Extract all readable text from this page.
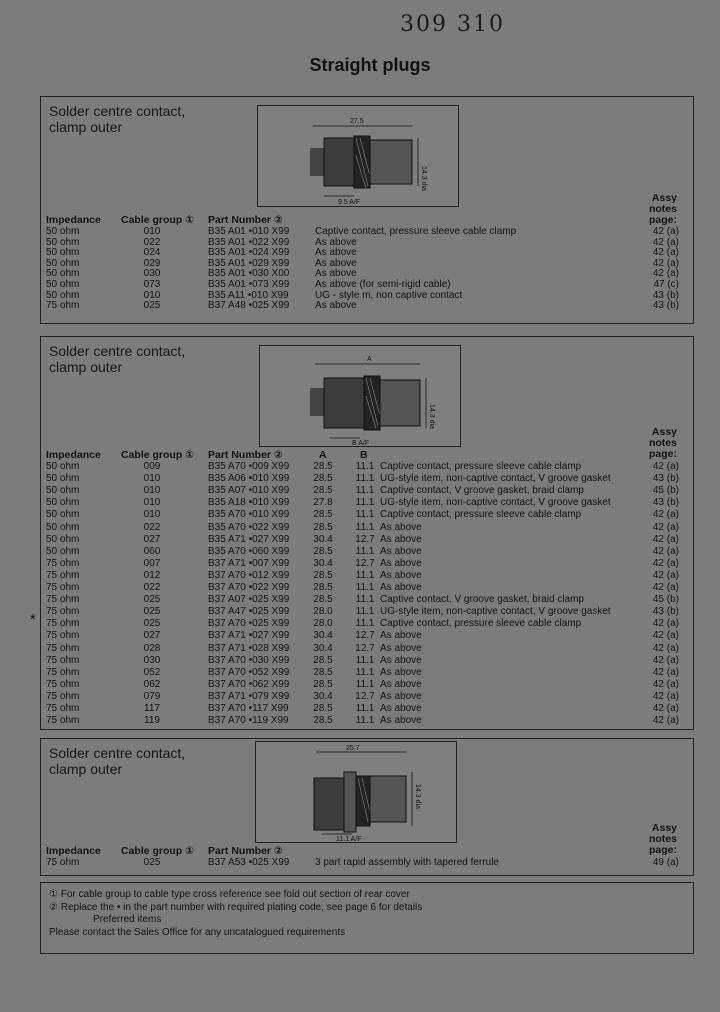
309 310
Straight plugs
Solder centre contact,
clamp outer	27.5
14.3 dia
9.5 A/F	Assy
notes
page:
Impedance Cable group ① Part Number ②
50 ohm	010	B35 A01 •010 X99	Captive contact, pressure sleeve cable clamp	42 (a)
50 ohm	022	B35 A01 •022 X99	As above	42 (a)
50 ohm	024	B35 A01 •024 X99	As above	42 (a)
50 ohm	029	B35 A01 •029 X99	As above	42 (a)
50 ohm	030	B35 A01 •030 X00	As above	42 (a)
50 ohm	073	B35 A01 •073 X99	As above (for semi-rigid cable)	47 (c)
50 ohm	010	B35 A11 •010 X99	UG - style m, non captive contact	43 (b)
75 ohm	025	B37 A48 •025 X99	As above	43 (b)
Solder centre contact,
clamp outer	A
14.3 dia
B A/F
Assy
notes
page:
Impedance Cable group ① Part Number ②	A	B
50 ohm	009	B35 A70 •009 X99	28.5	11.1 Captive contact, pressure sleeve cable clamp	42 (a)
50 ohm	010	B35 A06 •010 X99	28.5	11.1 UG-style item, non-captive contact, V groove gasket	43 (b)
50 ohm	010	B35 A07 •010 X99	28.5	11.1 Captive contact, V groove gasket, braid clamp	45 (b)
50 ohm	010	B35 A18 •010 X99	27.8	11.1 UG-style item, non-captive contact, V groove gasket	43 (b)
50 ohm	010	B35 A70 •010 X99	28.5	11.1 Captive contact, pressure sleeve cable clamp	42 (a)
50 ohm	022	B35 A70 •022 X99	28.5	11.1 As above	42 (a)
50 ohm	027	B35 A71 •027 X99	30.4	12.7 As above	42 (a)
50 ohm	060	B35 A70 •060 X99	28.5	11.1 As above	42 (a)
75 ohm	007	B37 A71 •007 X99	30.4	12.7 As above	42 (a)
75 ohm	012	B37 A70 •012 X99	28.5	11.1 As above	42 (a)
75 ohm	022	B37 A70 •022 X99	28.5	11.1 As above	42 (a)
75 ohm	025	B37 A07 •025 X99	28.5	11.1 Captive contact, V groove gasket, braid clamp	45 (b)
75 ohm	025	B37 A47 •025 X99	28.0	11.1 UG-style item, non-captive contact, V groove gasket	43 (b)
75 ohm	025	B37 A70 •025 X99	28.0	11.1 Captive contact, pressure sleeve cable clamp	42 (a)
75 ohm	027	B37 A71 •027 X99	30.4	12.7 As above	42 (a)
75 ohm	028	B37 A71 •028 X99	30.4	12.7 As above	42 (a)
75 ohm	030	B37 A70 •030 X99	28.5	11.1 As above	42 (a)
75 ohm	052	B37 A70 •052 X99	28.5	11.1 As above	42 (a)
75 ohm	062	B37 A70 •062 X99	28.5	11.1 As above	42 (a)
75 ohm	079	B37 A71 •079 X99	30.4	12.7 As above	42 (a)
75 ohm	117	B37 A70 •117 X99	28.5	11.1 As above	42 (a)
75 ohm	119	B37 A70 •119 X99	28.5	11.1 As above	42 (a)
*
Solder centre contact,
clamp outer
25.7
14.3 dia
11.1 A/F
Assy
notes
page:
Impedance Cable group ① Part Number ②
75 ohm	025	B37 A53 •025 X99	3 part rapid assembly with tapered ferrule	49 (a)
① For cable group to cable type cross reference see fold out section of rear cover
② Replace the • in the part number with required plating code, see page 6 for details
Preferred items
Please contact the Sales Office for any uncatalogued requirements
